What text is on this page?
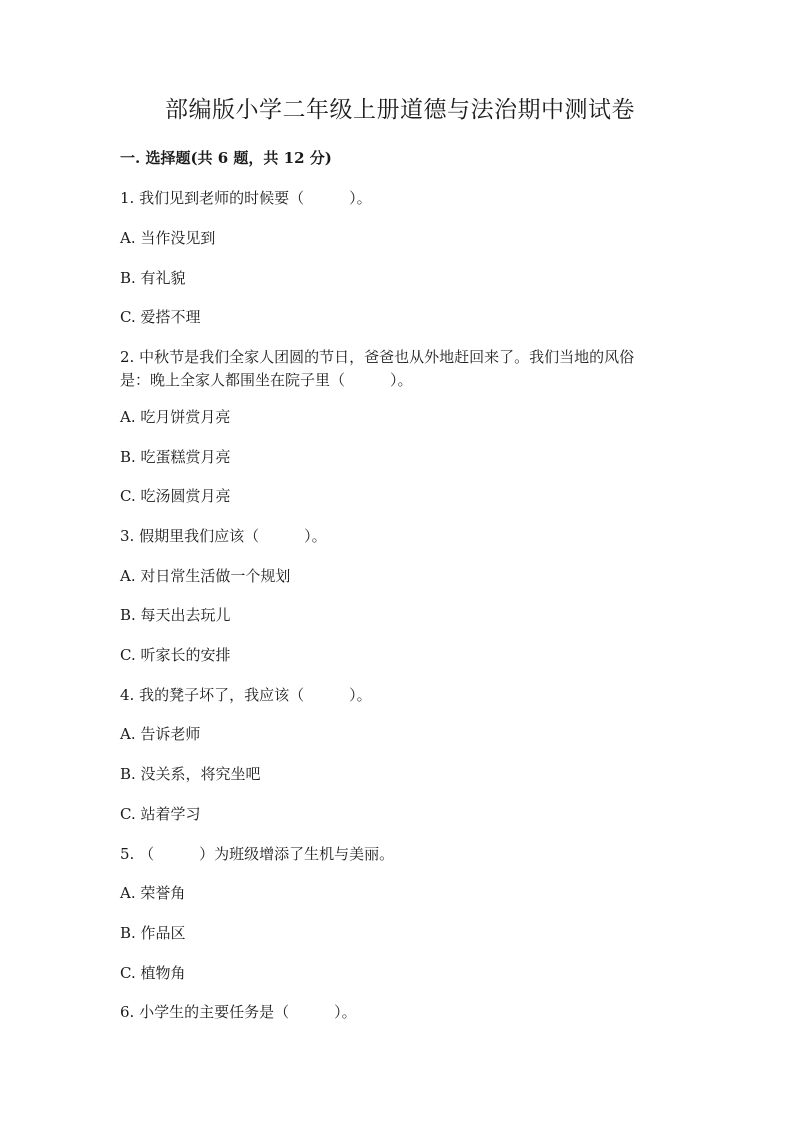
部编版小学二年级上册道德与法治期中测试卷
一. 选择题(共 6 题，共 12 分)
1. 我们见到老师的时候要（　　　）。
A. 当作没见到
B. 有礼貌
C. 爱搭不理
2. 中秋节是我们全家人团圆的节日，爸爸也从外地赶回来了。我们当地的风俗
是：晚上全家人都围坐在院子里（　　　）。
A. 吃月饼赏月亮
B. 吃蛋糕赏月亮
C. 吃汤圆赏月亮
3. 假期里我们应该（　　　）。
A. 对日常生活做一个规划
B. 每天出去玩儿
C. 听家长的安排
4. 我的凳子坏了，我应该（　　　）。
A. 告诉老师
B. 没关系，将究坐吧
C. 站着学习
5. （　　　）为班级增添了生机与美丽。
A. 荣誉角
B. 作品区
C. 植物角
6. 小学生的主要任务是（　　　）。
